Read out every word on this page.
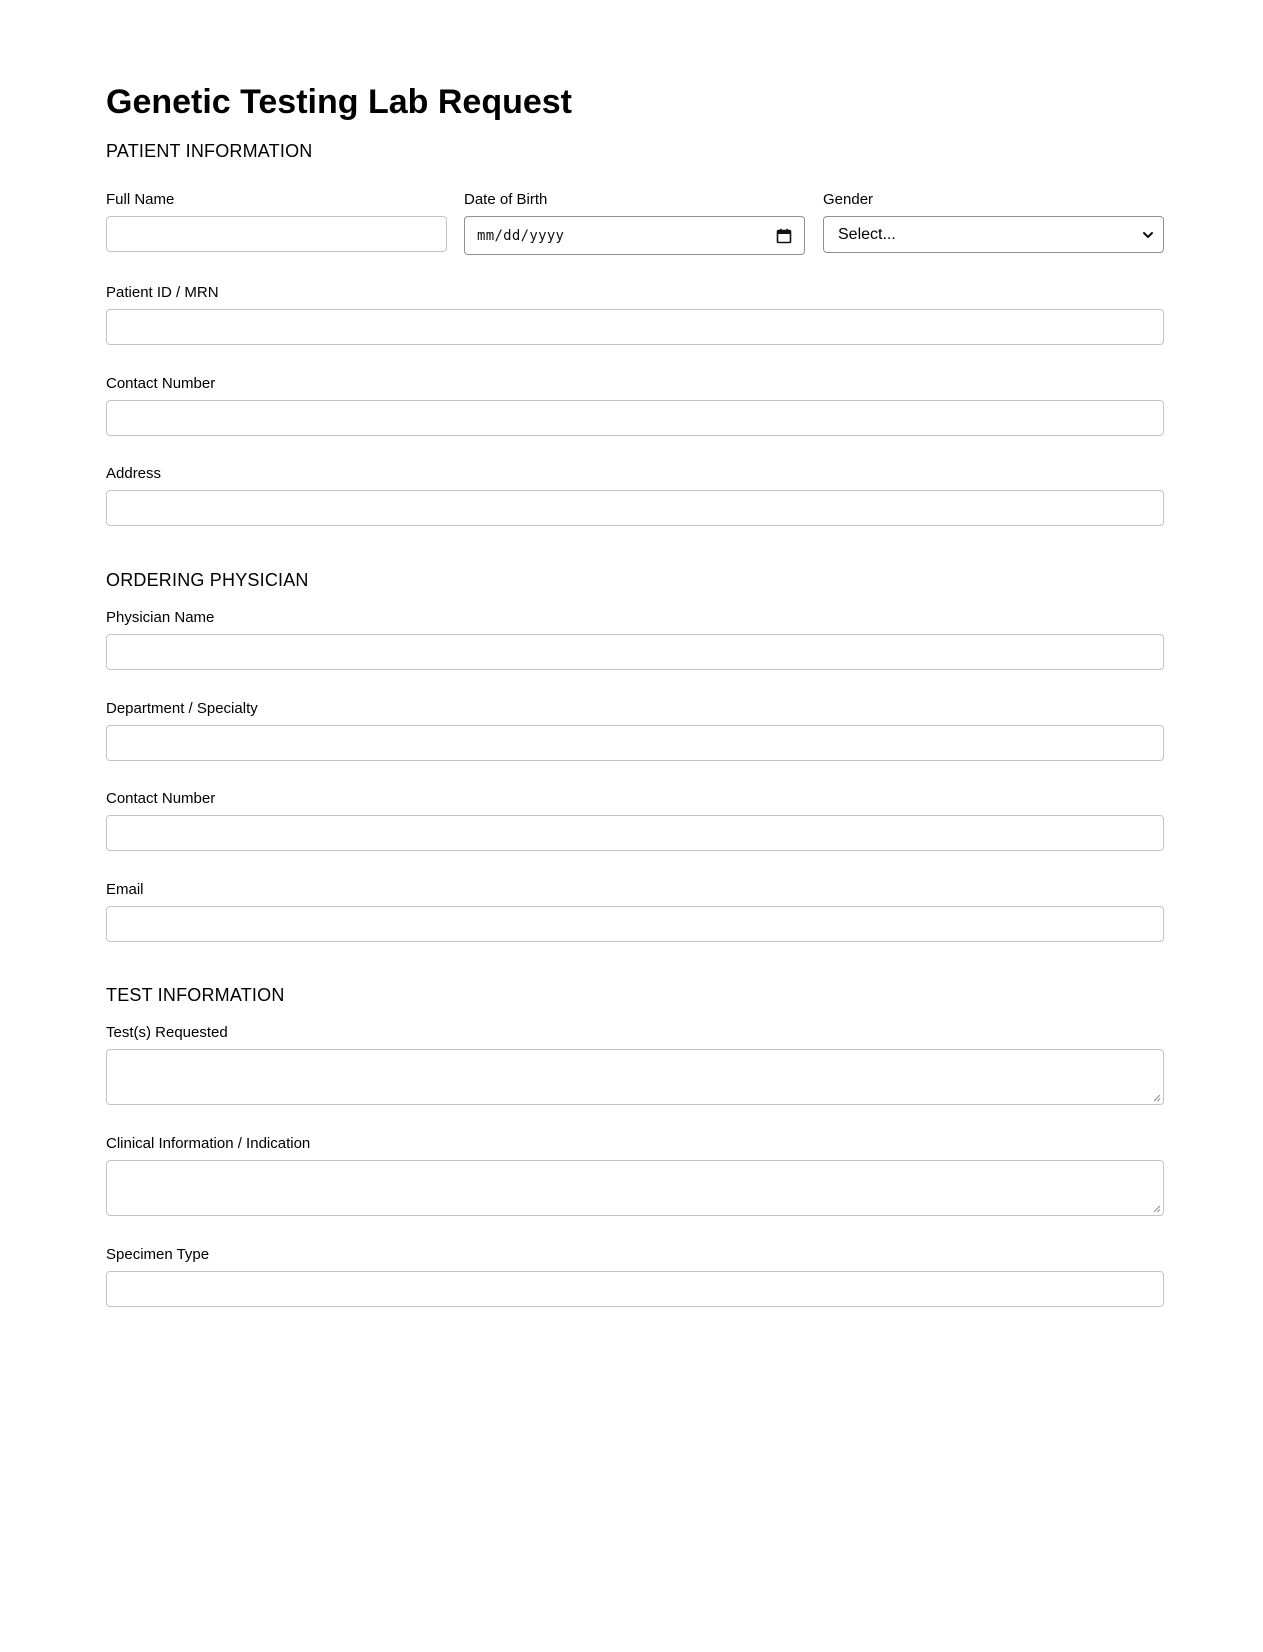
Genetic Testing Lab Request
PATIENT INFORMATION
Full Name	Date of Birth
mm/dd/yyyy
Gender
Select...
Patient ID / MRN
Contact Number
Address
ORDERING PHYSICIAN
Physician Name
Department / Specialty
Contact Number
Email
TEST INFORMATION
Test(s) Requested
Clinical Information / Indication
Specimen Type
